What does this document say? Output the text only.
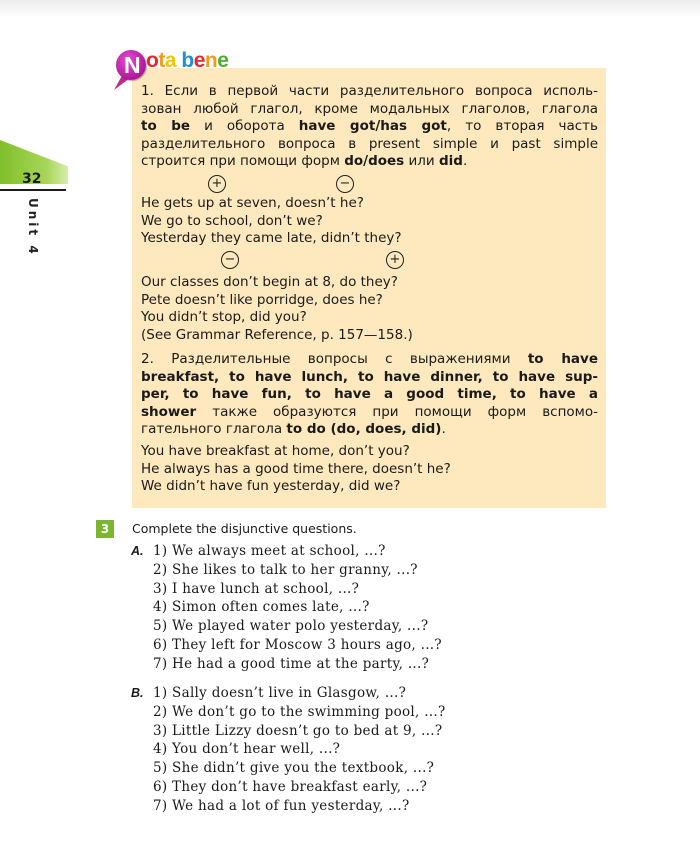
32
Unit 4
N ota bene
1. Если в первой части разделительного вопроса исполь-
зован любой глагол, кроме модальных глаголов, глагола
to be и оборота have got/has got, то вторая часть
разделительного вопроса в present simple и past simple
строится при помощи форм do/does или did.
+	−
He gets up at seven, doesn’t he?
We go to school, don’t we?
Yesterday they came late, didn’t they?
−	+
Our classes don’t begin at 8, do they?
Pete doesn’t like porridge, does he?
You didn’t stop, did you?
(See Grammar Reference, p. 157—158.)
2. Разделительные вопросы с выражениями to have
breakfast, to have lunch, to have dinner, to have sup-
per, to have fun, to have a good time, to have a
shower также образуются при помощи форм вспомо-
гательного глагола to do (do, does, did).
You have breakfast at home, don’t you?
He always has a good time there, doesn’t he?
We didn’t have fun yesterday, did we?
3	Complete the disjunctive questions.
A. 1) We always meet at school, ...?
2) She likes to talk to her granny, ...?
3) I have lunch at school, ...?
4) Simon often comes late, ...?
5) We played water polo yesterday, ...?
6) They left for Moscow 3 hours ago, ...?
7) He had a good time at the party, ...?
B. 1) Sally doesn’t live in Glasgow, ...?
2) We don’t go to the swimming pool, ...?
3) Little Lizzy doesn’t go to bed at 9, ...?
4) You don’t hear well, ...?
5) She didn’t give you the textbook, ...?
6) They don’t have breakfast early, ...?
7) We had a lot of fun yesterday, ...?
